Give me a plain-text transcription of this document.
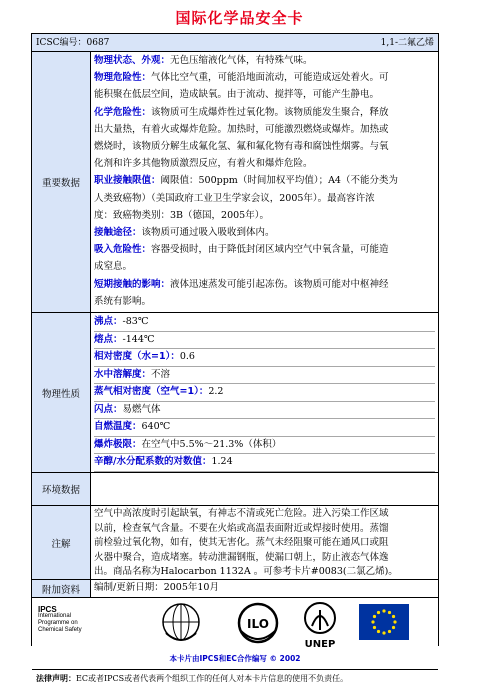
国际化学品安全卡
ICSC编号：0687	1,1-二氟乙烯
重要数据
物理状态、外观：无色压缩液化气体，有特殊气味。
物理危险性：气体比空气重，可能沿地面流动，可能造成远处着火。可
能积聚在低层空间，造成缺氧。由于流动、搅拌等，可能产生静电。
化学危险性：该物质可生成爆炸性过氧化物。该物质能发生聚合，释放
出大量热，有着火或爆炸危险。加热时，可能激烈燃烧或爆炸。加热或
燃烧时，该物质分解生成氟化氢、氟和氟化物有毒和腐蚀性烟雾。与氧
化剂和许多其他物质激烈反应，有着火和爆炸危险。
职业接触限值：阈限值：500ppm（时间加权平均值）；A4（不能分类为
人类致癌物）（美国政府工业卫生学家会议，2005年）。最高容许浓
度：致癌物类别：3B（德国，2005年）。
接触途径：该物质可通过吸入吸收到体内。
吸入危险性：容器受损时，由于降低封闭区域内空气中氧含量，可能造
成窒息。
短期接触的影响：液体迅速蒸发可能引起冻伤。该物质可能对中枢神经
系统有影响。
物理性质
沸点：-83℃
熔点：-144℃
相对密度（水=1）：0.6
水中溶解度：不溶
蒸气相对密度（空气=1）：2.2
闪点：易燃气体
自燃温度：640℃
爆炸极限：在空气中5.5%～21.3%（体积）
辛醇/水分配系数的对数值：1.24
环境数据
注解
空气中高浓度时引起缺氧，有神志不清或死亡危险。进入污染工作区域
以前，检查氧气含量。不要在火焰或高温表面附近或焊接时使用。蒸馏
前检验过氧化物，如有，使其无害化。蒸气未经阻聚可能在通风口或阻
火器中聚合，造成堵塞。转动泄漏钢瓶，使漏口朝上，防止液态气体逸
出。商品名称为Halocarbon 1132A 。可参考卡片#0083(二氯乙烯)。
附加资料	编制/更新日期：2005年10月
IPCS
International
Programme on
Chemical Safety	ILO
UNEP
本卡片由IPCS和EC合作编写 © 2002
法律声明：EC或者IPCS或者代表两个组织工作的任何人对本卡片信息的使用不负责任。
